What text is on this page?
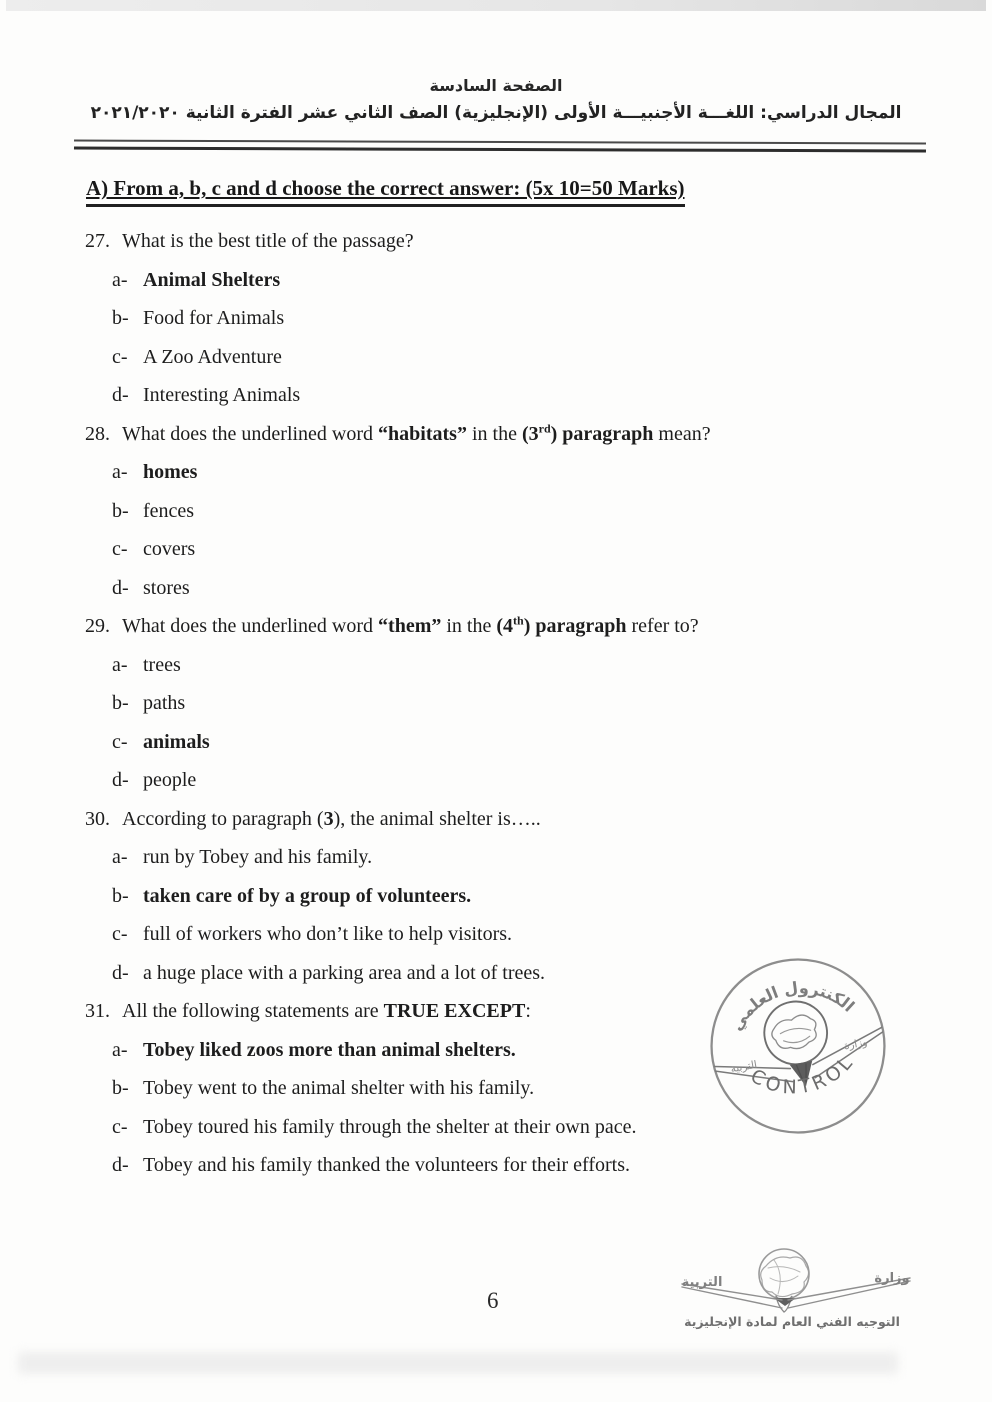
الصفحة السادسة
المجال الدراسي: اللغـــة الأجنبيـــة الأولى (الإنجليزية) الصف الثاني عشر الفترة الثانية ٢٠٢١/٢٠٢٠
A) From a, b, c and d choose the correct answer: (5x 10=50 Marks)
27. What is the best title of the passage?
a- Animal Shelters
b- Food for Animals
c- A Zoo Adventure
d- Interesting Animals
28. What does the underlined word “habitats” in the (3rd) paragraph mean?
a- homes
b- fences
c- covers
d- stores
29. What does the underlined word “them” in the (4th) paragraph refer to?
a- trees
b- paths
c- animals
d- people
30. According to paragraph (3), the animal shelter is…..
a- run by Tobey and his family.
b- taken care of by a group of volunteers.
c- full of workers who don’t like to help visitors.
d- a huge place with a parking area and a lot of trees.
31. All the following statements are TRUE EXCEPT:
a- Tobey liked zoos more than animal shelters.
b- Tobey went to the animal shelter with his family.
c- Tobey toured his family through the shelter at their own pace.
d- Tobey and his family thanked the volunteers for their efforts.
الكنترول العلمي
التربية
وزارة
CONTROL
التربية	وزارة
التوجيه الفني العام لمادة الإنجليزية
6
